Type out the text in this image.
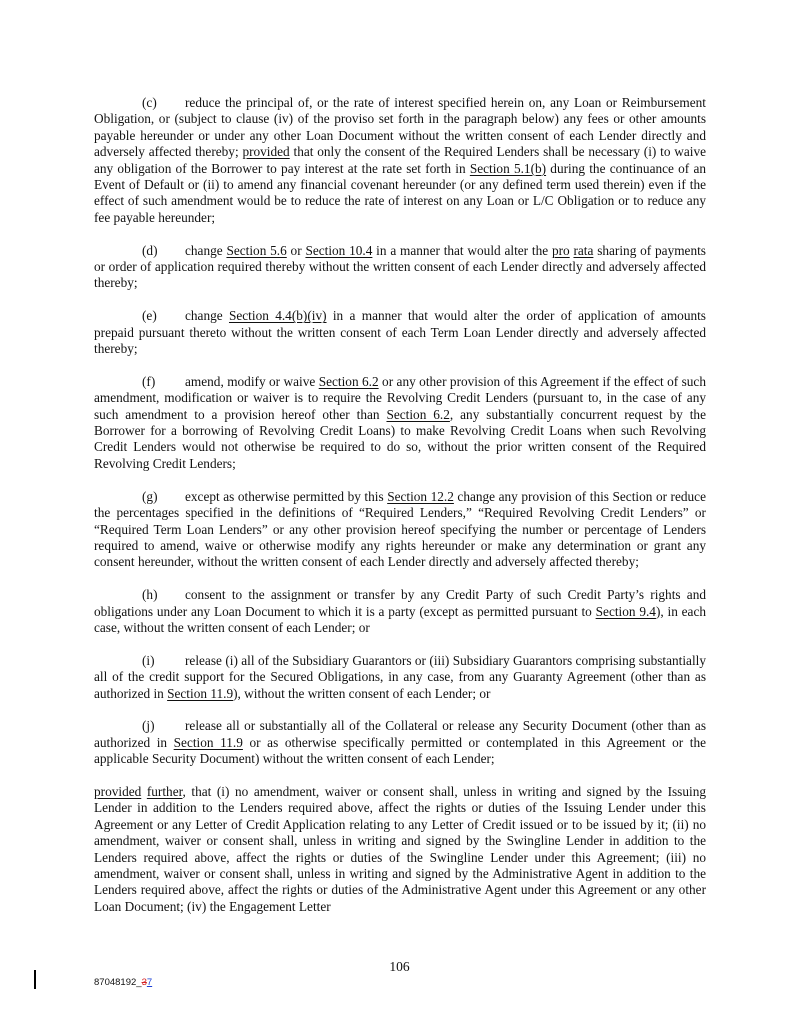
(c) reduce the principal of, or the rate of interest specified herein on, any Loan or Reimbursement Obligation, or (subject to clause (iv) of the proviso set forth in the paragraph below) any fees or other amounts payable hereunder or under any other Loan Document without the written consent of each Lender directly and adversely affected thereby; provided that only the consent of the Required Lenders shall be necessary (i) to waive any obligation of the Borrower to pay interest at the rate set forth in Section 5.1(b) during the continuance of an Event of Default or (ii) to amend any financial covenant hereunder (or any defined term used therein) even if the effect of such amendment would be to reduce the rate of interest on any Loan or L/C Obligation or to reduce any fee payable hereunder;

(d) change Section 5.6 or Section 10.4 in a manner that would alter the pro rata sharing of payments or order of application required thereby without the written consent of each Lender directly and adversely affected thereby;

(e) change Section 4.4(b)(iv) in a manner that would alter the order of application of amounts prepaid pursuant thereto without the written consent of each Term Loan Lender directly and adversely affected thereby;

(f) amend, modify or waive Section 6.2 or any other provision of this Agreement if the effect of such amendment, modification or waiver is to require the Revolving Credit Lenders (pursuant to, in the case of any such amendment to a provision hereof other than Section 6.2, any substantially concurrent request by the Borrower for a borrowing of Revolving Credit Loans) to make Revolving Credit Loans when such Revolving Credit Lenders would not otherwise be required to do so, without the prior written consent of the Required Revolving Credit Lenders;

(g) except as otherwise permitted by this Section 12.2 change any provision of this Section or reduce the percentages specified in the definitions of “Required Lenders,” “Required Revolving Credit Lenders” or “Required Term Loan Lenders” or any other provision hereof specifying the number or percentage of Lenders required to amend, waive or otherwise modify any rights hereunder or make any determination or grant any consent hereunder, without the written consent of each Lender directly and adversely affected thereby;

(h) consent to the assignment or transfer by any Credit Party of such Credit Party’s rights and obligations under any Loan Document to which it is a party (except as permitted pursuant to Section 9.4), in each case, without the written consent of each Lender; or

(i) release (i) all of the Subsidiary Guarantors or (iii) Subsidiary Guarantors comprising substantially all of the credit support for the Secured Obligations, in any case, from any Guaranty Agreement (other than as authorized in Section 11.9), without the written consent of each Lender; or

(j) release all or substantially all of the Collateral or release any Security Document (other than as authorized in Section 11.9 or as otherwise specifically permitted or contemplated in this Agreement or the applicable Security Document) without the written consent of each Lender;

provided further, that (i) no amendment, waiver or consent shall, unless in writing and signed by the Issuing Lender in addition to the Lenders required above, affect the rights or duties of the Issuing Lender under this Agreement or any Letter of Credit Application relating to any Letter of Credit issued or to be issued by it; (ii) no amendment, waiver or consent shall, unless in writing and signed by the Swingline Lender in addition to the Lenders required above, affect the rights or duties of the Swingline Lender under this Agreement; (iii) no amendment, waiver or consent shall, unless in writing and signed by the Administrative Agent in addition to the Lenders required above, affect the rights or duties of the Administrative Agent under this Agreement or any other Loan Document; (iv) the Engagement Letter

106
87048192_37
